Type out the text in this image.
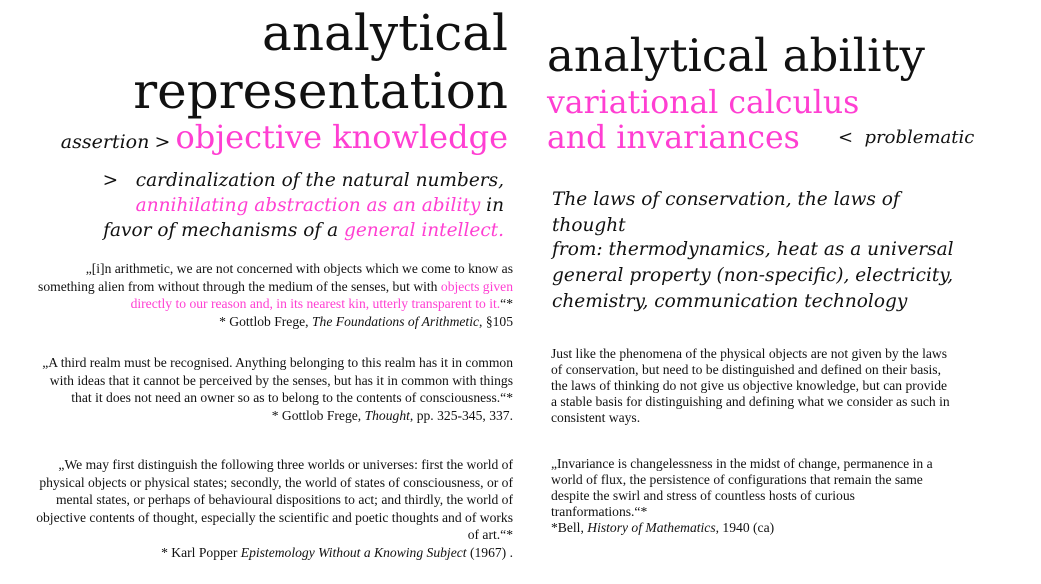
analytical
representation
assertion > objective knowledge
> cardinalization of the natural numbers,
annihilating abstraction as an ability in
favor of mechanisms of a general intellect.
„[i]n arithmetic, we are not concerned with objects which we come to know as something alien from without through the medium of the senses, but with objects given directly to our reason and, in its nearest kin, utterly transparent to it.“*
* Gottlob Frege, The Foundations of Arithmetic, §105
„A third realm must be recognised. Anything belonging to this realm has it in common with ideas that it cannot be perceived by the senses, but has it in common with things that it does not need an owner so as to belong to the contents of consciousness.“*
* Gottlob Frege, Thought, pp. 325-345, 337.
„We may first distinguish the following three worlds or universes: first the world of physical objects or physical states; secondly, the world of states of consciousness, or of mental states, or perhaps of behavioural dispositions to act; and thirdly, the world of objective contents of thought, especially the scientific and poetic thoughts and of works of art.“*
* Karl Popper Epistemology Without a Knowing Subject (1967) .
analytical ability
variational calculus
and invariances	< problematic
The laws of conservation, the laws of thought
from: thermodynamics, heat as a universal general property (non-specific), electricity, chemistry, communication technology
Just like the phenomena of the physical objects are not given by the laws of conservation, but need to be distinguished and defined on their basis, the laws of thinking do not give us objective knowledge, but can provide a stable basis for distinguishing and defining what we consider as such in consistent ways.
„Invariance is changelessness in the midst of change, permanence in a world of flux, the persistence of configurations that remain the same despite the swirl and stress of countless hosts of curious tranformations.“*
*Bell, History of Mathematics, 1940 (ca)
